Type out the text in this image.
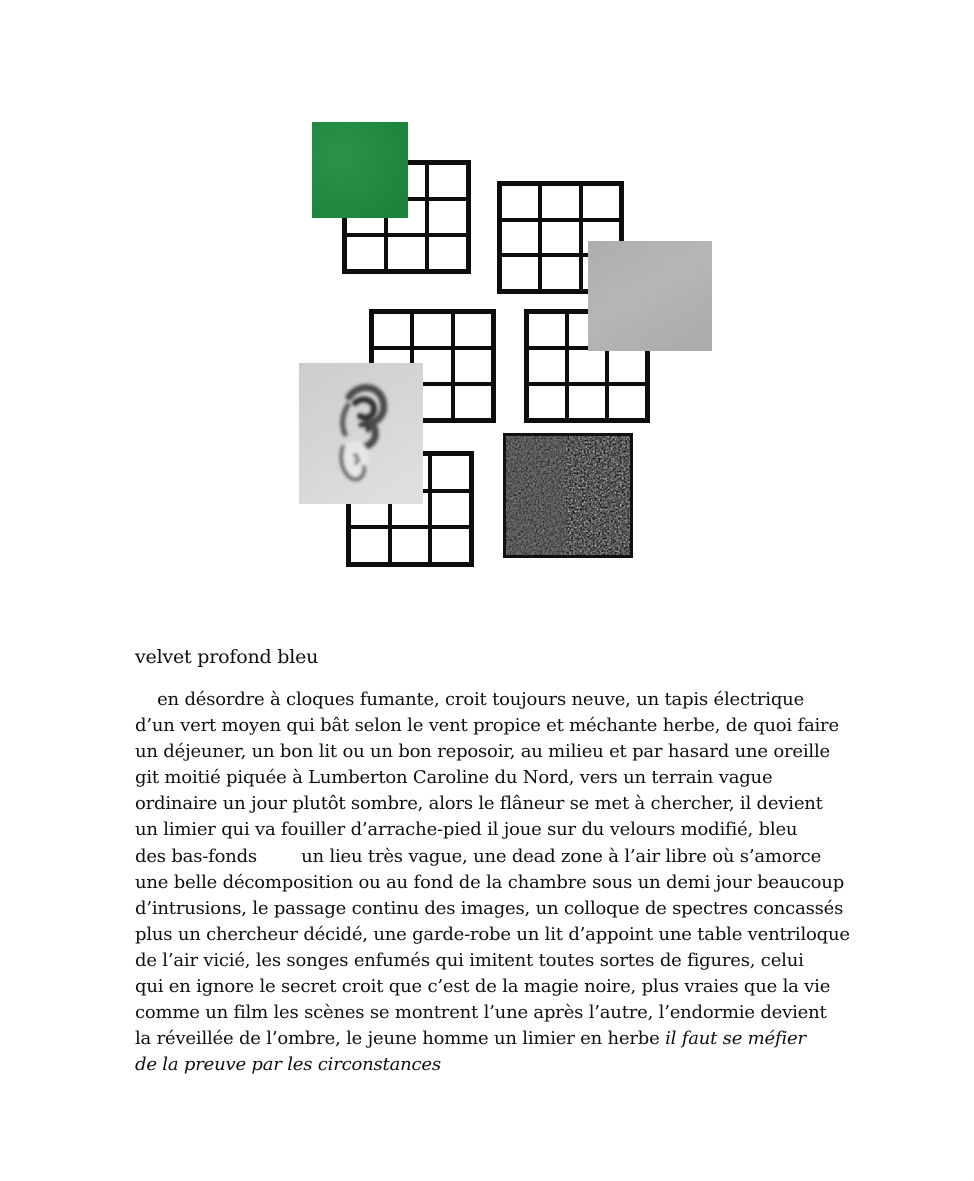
velvet profond bleu

en désordre à cloques fumante, croit toujours neuve, un tapis électrique
d’un vert moyen qui bât selon le vent propice et méchante herbe, de quoi faire
un déjeuner, un bon lit ou un bon reposoir, au milieu et par hasard une oreille
git moitié piquée à Lumberton Caroline du Nord, vers un terrain vague
ordinaire un jour plutôt sombre, alors le flâneur se met à chercher, il devient
un limier qui va fouiller d’arrache-pied il joue sur du velours modifié, bleu
des bas-fonds        un lieu très vague, une dead zone à l’air libre où s’amorce
une belle décomposition ou au fond de la chambre sous un demi jour beaucoup
d’intrusions, le passage continu des images, un colloque de spectres concassés
plus un chercheur décidé, une garde-robe un lit d’appoint une table ventriloque
de l’air vicié, les songes enfumés qui imitent toutes sortes de figures, celui
qui en ignore le secret croit que c’est de la magie noire, plus vraies que la vie
comme un film les scènes se montrent l’une après l’autre, l’endormie devient
la réveillée de l’ombre, le jeune homme un limier en herbe il faut se méfier
de la preuve par les circonstances
